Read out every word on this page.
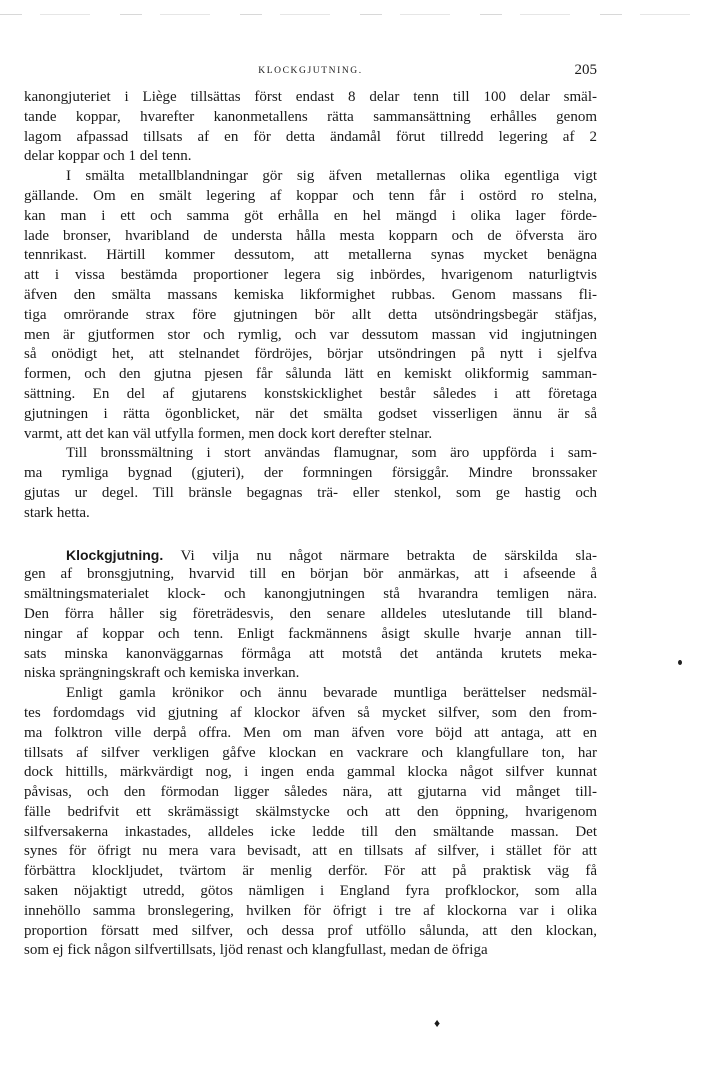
KLOCKGJUTNING.	205
kanongjuteriet i Liège tillsättas först endast 8 delar tenn till 100 delar smäl-
tande koppar, hvarefter kanonmetallens rätta sammansättning erhålles genom
lagom afpassad tillsats af en för detta ändamål förut tillredd legering af 2
delar koppar och 1 del tenn.
I smälta metallblandningar gör sig äfven metallernas olika egentliga vigt
gällande. Om en smält legering af koppar och tenn får i ostörd ro stelna,
kan man i ett och samma göt erhålla en hel mängd i olika lager förde-
lade bronser, hvaribland de understa hålla mesta kopparn och de öfversta äro
tennrikast. Härtill kommer dessutom, att metallerna synas mycket benägna
att i vissa bestämda proportioner legera sig inbördes, hvarigenom naturligtvis
äfven den smälta massans kemiska likformighet rubbas. Genom massans fli-
tiga omrörande strax före gjutningen bör allt detta utsöndringsbegär stäfjas,
men är gjutformen stor och rymlig, och var dessutom massan vid ingjutningen
så onödigt het, att stelnandet fördröjes, börjar utsöndringen på nytt i sjelfva
formen, och den gjutna pjesen får sålunda lätt en kemiskt olikformig samman-
sättning. En del af gjutarens konstskicklighet består således i att företaga
gjutningen i rätta ögonblicket, när det smälta godset visserligen ännu är så
varmt, att det kan väl utfylla formen, men dock kort derefter stelnar.
Till bronssmältning i stort användas flamugnar, som äro uppförda i sam-
ma rymliga bygnad (gjuteri), der formningen försiggår. Mindre bronssaker
gjutas ur degel. Till bränsle begagnas trä- eller stenkol, som ge hastig och
stark hetta.
Klockgjutning. Vi vilja nu något närmare betrakta de särskilda sla-
gen af bronsgjutning, hvarvid till en början bör anmärkas, att i afseende å
smältningsmaterialet klock- och kanongjutningen stå hvarandra temligen nära.
Den förra håller sig företrädesvis, den senare alldeles uteslutande till bland-
ningar af koppar och tenn. Enligt fackmännens åsigt skulle hvarje annan till-
sats minska kanonväggarnas förmåga att motstå det antända krutets meka-
niska sprängningskraft och kemiska inverkan.
Enligt gamla krönikor och ännu bevarade muntliga berättelser nedsmäl-
tes fordomdags vid gjutning af klockor äfven så mycket silfver, som den from-
ma folktron ville derpå offra. Men om man äfven vore böjd att antaga, att en
tillsats af silfver verkligen gåfve klockan en vackrare och klangfullare ton, har
dock hittills, märkvärdigt nog, i ingen enda gammal klocka något silfver kunnat
påvisas, och den förmodan ligger således nära, att gjutarna vid månget till-
fälle bedrifvit ett skrämässigt skälmstycke och att den öppning, hvarigenom
silfversakerna inkastades, alldeles icke ledde till den smältande massan. Det
synes för öfrigt nu mera vara bevisadt, att en tillsats af silfver, i stället för att
förbättra klockljudet, tvärtom är menlig derför. För att på praktisk väg få
saken nöjaktigt utredd, götos nämligen i England fyra profklockor, som alla
innehöllo samma bronslegering, hvilken för öfrigt i tre af klockorna var i olika
proportion försatt med silfver, och dessa prof utföllo sålunda, att den klockan,
som ej fick någon silfvertillsats, ljöd renast och klangfullast, medan de öfriga
♦
